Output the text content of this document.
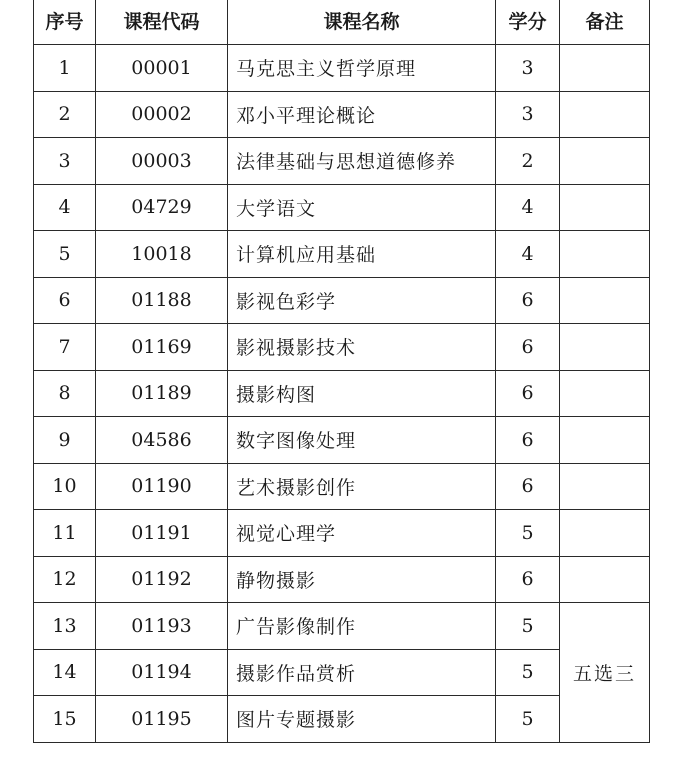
序号	课程代码	课程名称	学分	备注
1	00001	马克思主义哲学原理	3	
2	00002	邓小平理论概论	3	
3	00003	法律基础与思想道德修养	2	
4	04729	大学语文	4	
5	10018	计算机应用基础	4	
6	01188	影视色彩学	6	
7	01169	影视摄影技术	6	
8	01189	摄影构图	6	
9	04586	数字图像处理	6	
10	01190	艺术摄影创作	6	
11	01191	视觉心理学	5	
12	01192	静物摄影	6	
13	01193	广告影像制作	5	五选三
14	01194	摄影作品赏析	5	
15	01195	图片专题摄影	5	
